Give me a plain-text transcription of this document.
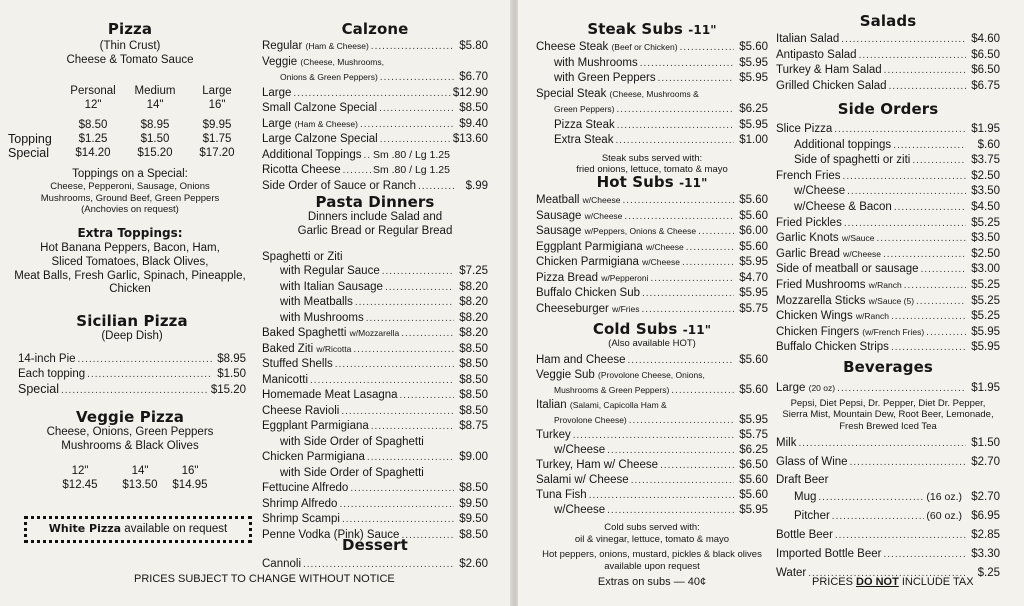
Pizza
(Thin Crust)
Cheese & Tomato Sauce
Personal	Medium	Large
12"	14"	16"
$8.50	$8.95	$9.95
Topping	$1.25	$1.50	$1.75
Special	$14.20	$15.20	$17.20
Toppings on a Special:
Cheese, Pepperoni, Sausage, Onions
Mushrooms, Ground Beef, Green Peppers
(Anchovies on request)
Extra Toppings:
Hot Banana Peppers, Bacon, Ham,
Sliced Tomatoes, Black Olives,
Meat Balls, Fresh Garlic, Spinach, Pineapple,
Chicken
Sicilian Pizza
(Deep Dish)
14-inch Pie .....	$8.95
Each topping .....	$1.50
Special .....	$15.20
Veggie Pizza
Cheese, Onions, Green Peppers
Mushrooms & Black Olives
12"	14"	16"
$12.45	$13.50	$14.95
White Pizza available on request
PRICES SUBJECT TO CHANGE WITHOUT NOTICE
Calzone
Regular (Ham & Cheese) .....	$5.80
Veggie (Cheese, Mushrooms,
Onions & Green Peppers) .....	$6.70
Large .....	$12.90
Small Calzone Special .....	$8.50
Large (Ham & Cheese) .....	$9.40
Large Calzone Special .....	$13.60
Additional Toppings ..... Sm .80 / Lg 1.25
Ricotta Cheese .....	Sm .80 / Lg 1.25
Side Order of Sauce or Ranch .....	$.99
Pasta Dinners
Dinners include Salad and
Garlic Bread or Regular Bread
Spaghetti or Ziti
with Regular Sauce .....	$7.25
with Italian Sausage .....	$8.20
with Meatballs .....	$8.20
with Mushrooms .....	$8.20
Baked Spaghetti w/Mozzarella .....	$8.20
Baked Ziti w/Ricotta .....	$8.50
Stuffed Shells .....	$8.50
Manicotti .....	$8.50
Homemade Meat Lasagna .....	$8.50
Cheese Ravioli .....	$8.50
Eggplant Parmigiana .....	$8.75
with Side Order of Spaghetti
Chicken Parmigiana .....	$9.00
with Side Order of Spaghetti
Fettucine Alfredo .....	$8.50
Shrimp Alfredo .....	$9.50
Shrimp Scampi .....	$9.50
Penne Vodka (Pink) Sauce .....	$8.50
Dessert
Cannoli .....	$2.60
Steak Subs -11"
Cheese Steak (Beef or Chicken) .....	$5.60
with Mushrooms .....	$5.95
with Green Peppers .....	$5.95
Special Steak (Cheese, Mushrooms &
Green Peppers) .....	$6.25
Pizza Steak .....	$5.95
Extra Steak .....	$1.00
Steak subs served with:
fried onions, lettuce, tomato & mayo
Hot Subs -11"
Meatball w/Cheese .....	$5.60
Sausage w/Cheese .....	$5.60
Sausage w/Peppers, Onions & Cheese .....	$6.00
Eggplant Parmigiana w/Cheese .....	$5.60
Chicken Parmigiana w/Cheese .....	$5.95
Pizza Bread w/Pepperoni .....	$4.70
Buffalo Chicken Sub .....	$5.95
Cheeseburger w/Fries .....	$5.75
Cold Subs -11"
(Also available HOT)
Ham and Cheese .....	$5.60
Veggie Sub (Provolone Cheese, Onions,
Mushrooms & Green Peppers) .....	$5.60
Italian (Salami, Capicolla Ham &
Provolone Cheese) .....	$5.95
Turkey .....	$5.75
w/Cheese .....	$6.25
Turkey, Ham w/ Cheese .....	$6.50
Salami w/ Cheese .....	$5.60
Tuna Fish .....	$5.60
w/Cheese .....	$5.95
Cold subs served with:
oil & vinegar, lettuce, tomato & mayo
Hot peppers, onions, mustard, pickles & black olives
available upon request
Extras on subs — 40¢
Salads
Italian Salad .....	$4.60
Antipasto Salad .....	$6.50
Turkey & Ham Salad .....	$6.50
Grilled Chicken Salad .....	$6.75
Side Orders
Slice Pizza .....	$1.95
Additional toppings .....	$.60
Side of spaghetti or ziti .....	$3.75
French Fries .....	$2.50
w/Cheese .....	$3.50
w/Cheese & Bacon .....	$4.50
Fried Pickles .....	$5.25
Garlic Knots w/Sauce .....	$3.50
Garlic Bread w/Cheese .....	$2.50
Side of meatball or sausage .....	$3.00
Fried Mushrooms w/Ranch .....	$5.25
Mozzarella Sticks w/Sauce (5) .....	$5.25
Chicken Wings w/Ranch .....	$5.25
Chicken Fingers (w/French Fries) .....	$5.95
Buffalo Chicken Strips .....	$5.95
Beverages
Large (20 oz) .....	$1.95
Pepsi, Diet Pepsi, Dr. Pepper, Diet Dr. Pepper,
Sierra Mist, Mountain Dew, Root Beer, Lemonade,
Fresh Brewed Iced Tea
Milk .....	$1.50
Glass of Wine .....	$2.70
Draft Beer
Mug .....	(16 oz.) $2.70
Pitcher .....	(60 oz.) $6.95
Bottle Beer .....	$2.85
Imported Bottle Beer .....	$3.30
Water .....	$.25
PRICES DO NOT INCLUDE TAX
